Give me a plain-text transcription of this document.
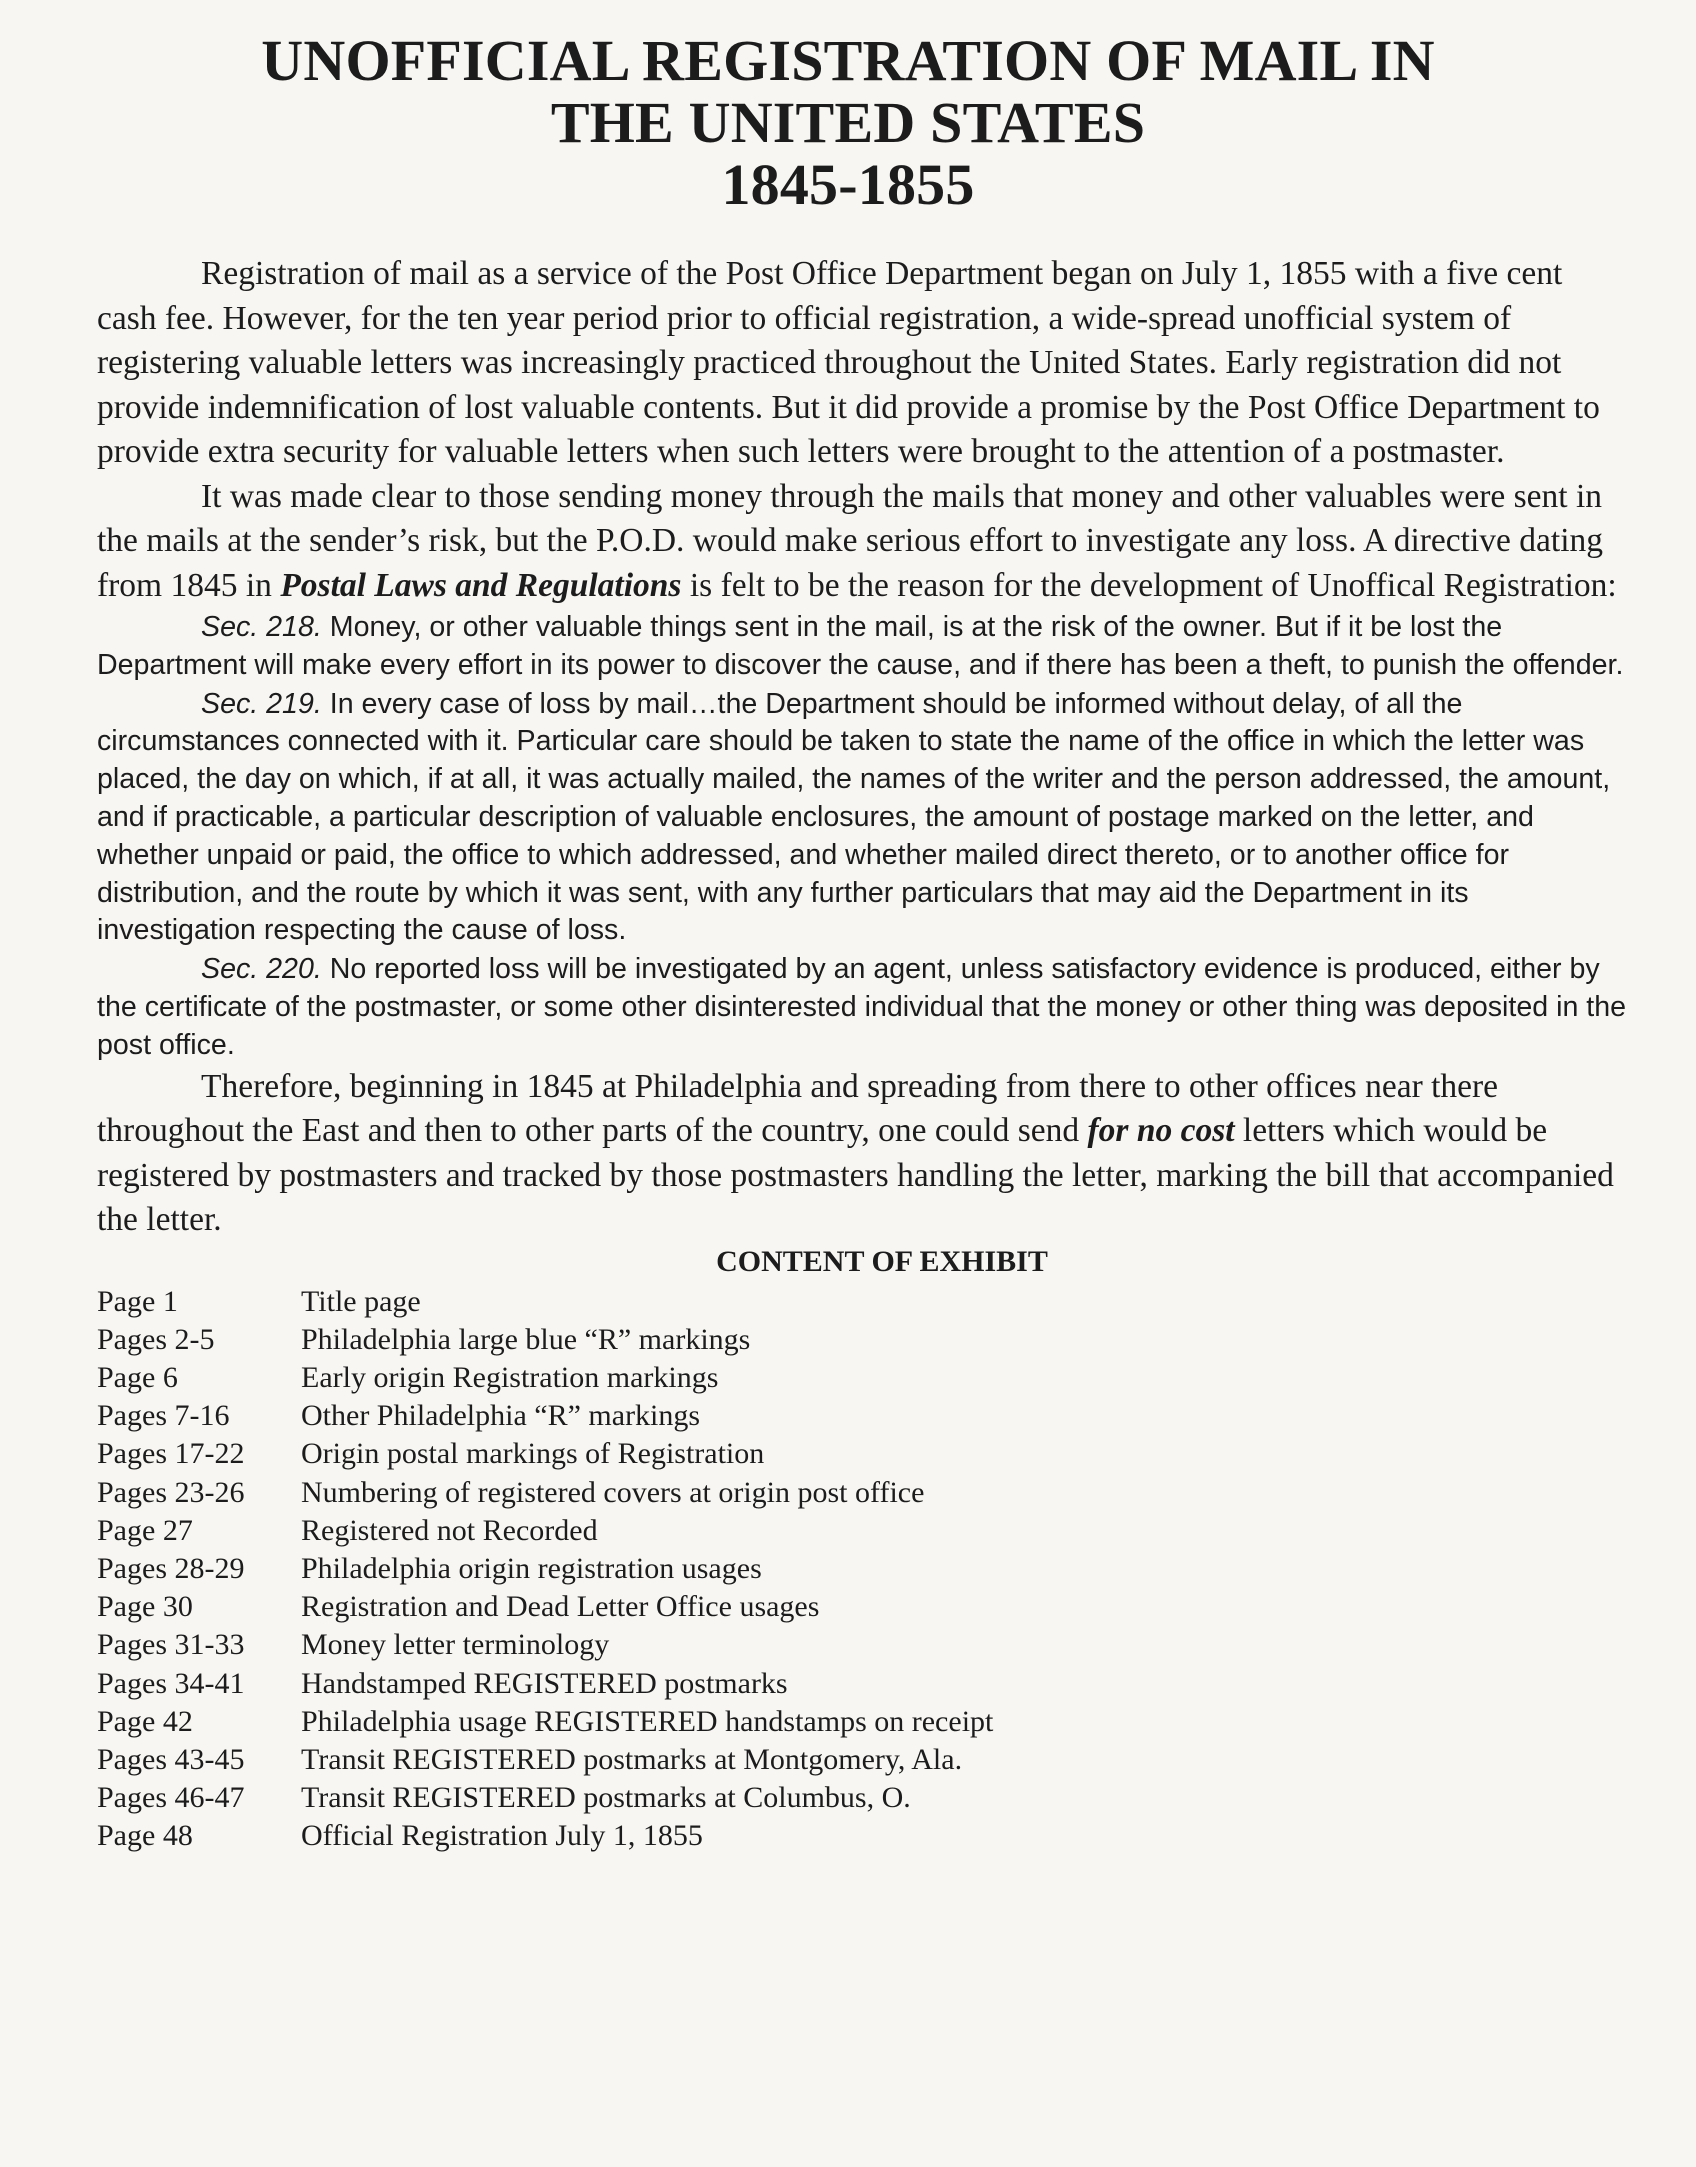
UNOFFICIAL REGISTRATION OF MAIL IN
THE UNITED STATES
1845-1855

Registration of mail as a service of the Post Office Department began on July 1, 1855 with a five cent cash fee. However, for the ten year period prior to official registration, a wide-spread unofficial system of registering valuable letters was increasingly practiced throughout the United States. Early registration did not provide indemnification of lost valuable contents. But it did provide a promise by the Post Office Department to provide extra security for valuable letters when such letters were brought to the attention of a postmaster.

It was made clear to those sending money through the mails that money and other valuables were sent in the mails at the sender’s risk, but the P.O.D. would make serious effort to investigate any loss. A directive dating from 1845 in Postal Laws and Regulations is felt to be the reason for the development of Unoffical Registration:

Sec. 218. Money, or other valuable things sent in the mail, is at the risk of the owner. But if it be lost the Department will make every effort in its power to discover the cause, and if there has been a theft, to punish the offender.

Sec. 219. In every case of loss by mail…the Department should be informed without delay, of all the circumstances connected with it. Particular care should be taken to state the name of the office in which the letter was placed, the day on which, if at all, it was actually mailed, the names of the writer and the person addressed, the amount, and if practicable, a particular description of valuable enclosures, the amount of postage marked on the letter, and whether unpaid or paid, the office to which addressed, and whether mailed direct thereto, or to another office for distribution, and the route by which it was sent, with any further particulars that may aid the Department in its investigation respecting the cause of loss.

Sec. 220. No reported loss will be investigated by an agent, unless satisfactory evidence is produced, either by the certificate of the postmaster, or some other disinterested individual that the money or other thing was deposited in the post office.

Therefore, beginning in 1845 at Philadelphia and spreading from there to other offices near there throughout the East and then to other parts of the country, one could send for no cost letters which would be registered by postmasters and tracked by those postmasters handling the letter, marking the bill that accompanied the letter.

CONTENT OF EXHIBIT
Page 1	Title page
Pages 2-5	Philadelphia large blue “R” markings
Page 6	Early origin Registration markings
Pages 7-16	Other Philadelphia “R” markings
Pages 17-22	Origin postal markings of Registration
Pages 23-26	Numbering of registered covers at origin post office
Page 27	Registered not Recorded
Pages 28-29	Philadelphia origin registration usages
Page 30	Registration and Dead Letter Office usages
Pages 31-33	Money letter terminology
Pages 34-41	Handstamped REGISTERED postmarks
Page 42	Philadelphia usage REGISTERED handstamps on receipt
Pages 43-45	Transit REGISTERED postmarks at Montgomery, Ala.
Pages 46-47	Transit REGISTERED postmarks at Columbus, O.
Page 48	Official Registration July 1, 1855
